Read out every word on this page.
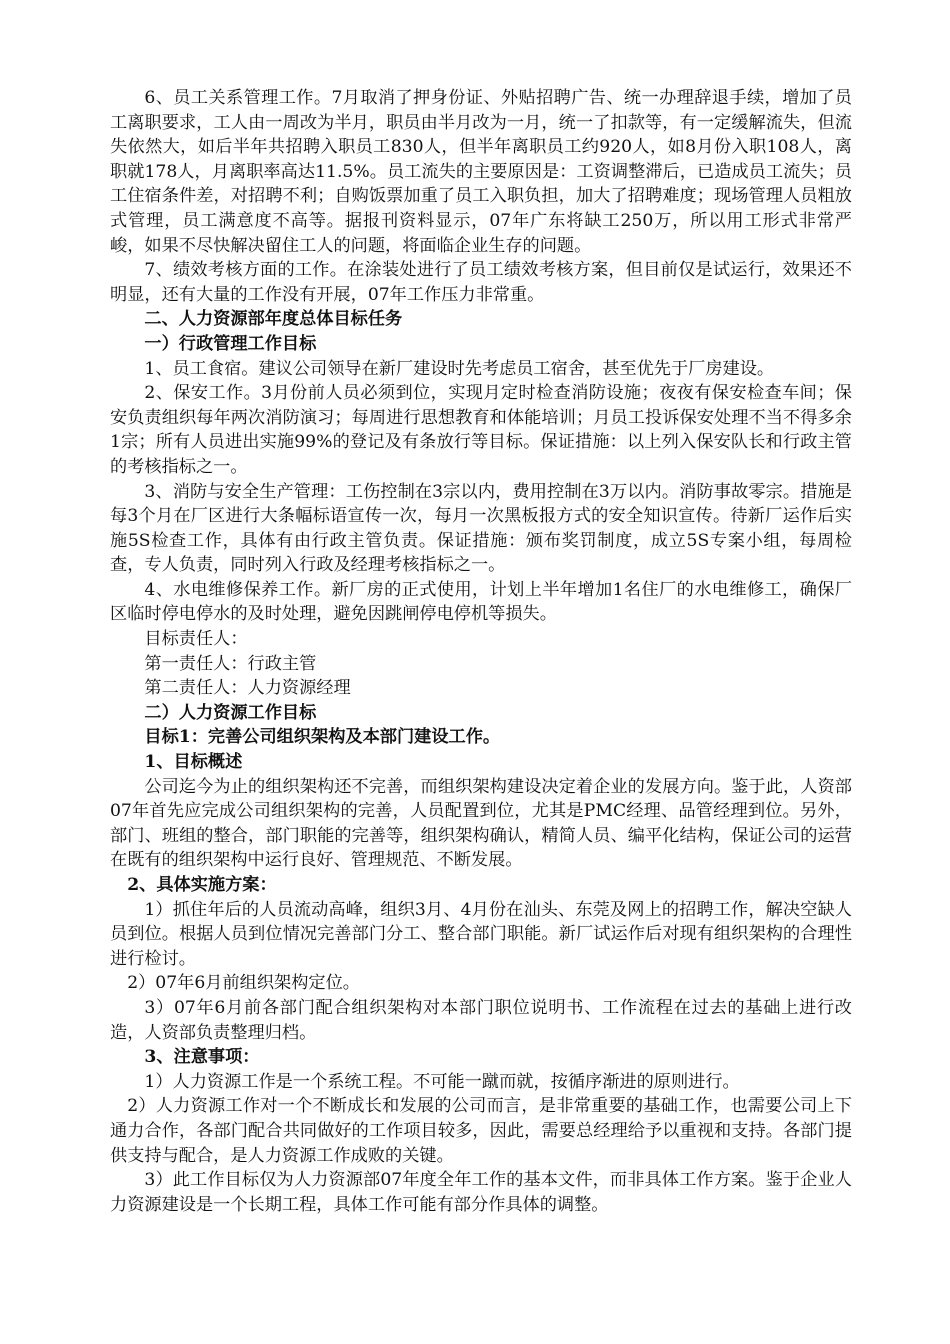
6、员工关系管理工作。7月取消了押身份证、外贴招聘广告、统一办理辞退手续，增加了员工离职要求，工人由一周改为半月，职员由半月改为一月，统一了扣款等，有一定缓解流失，但流失依然大，如后半年共招聘入职员工830人，但半年离职员工约920人，如8月份入职108人，离职就178人，月离职率高达11.5%。员工流失的主要原因是：工资调整滞后，已造成员工流失；员工住宿条件差，对招聘不利；自购饭票加重了员工入职负担，加大了招聘难度；现场管理人员粗放式管理，员工满意度不高等。据报刊资料显示，07年广东将缺工250万，所以用工形式非常严峻，如果不尽快解决留住工人的问题，将面临企业生存的问题。

7、绩效考核方面的工作。在涂装处进行了员工绩效考核方案，但目前仅是试运行，效果还不明显，还有大量的工作没有开展，07年工作压力非常重。

二、人力资源部年度总体目标任务

一）行政管理工作目标

1、员工食宿。建议公司领导在新厂建设时先考虑员工宿舍，甚至优先于厂房建设。

2、保安工作。3月份前人员必须到位，实现月定时检查消防设施；夜夜有保安检查车间；保安负责组织每年两次消防演习；每周进行思想教育和体能培训；月员工投诉保安处理不当不得多余1宗；所有人员进出实施99%的登记及有条放行等目标。保证措施：以上列入保安队长和行政主管的考核指标之一。

3、消防与安全生产管理：工伤控制在3宗以内，费用控制在3万以内。消防事故零宗。措施是每3个月在厂区进行大条幅标语宣传一次，每月一次黑板报方式的安全知识宣传。待新厂运作后实施5S检查工作，具体有由行政主管负责。保证措施：颁布奖罚制度，成立5S专案小组，每周检查，专人负责，同时列入行政及经理考核指标之一。

4、水电维修保养工作。新厂房的正式使用，计划上半年增加1名住厂的水电维修工，确保厂区临时停电停水的及时处理，避免因跳闸停电停机等损失。

目标责任人：

第一责任人：行政主管

第二责任人：人力资源经理

二）人力资源工作目标

目标1：完善公司组织架构及本部门建设工作。

1、目标概述

公司迄今为止的组织架构还不完善，而组织架构建设决定着企业的发展方向。鉴于此，人资部07年首先应完成公司组织架构的完善，人员配置到位，尤其是PMC经理、品管经理到位。另外，部门、班组的整合，部门职能的完善等，组织架构确认，精简人员、编平化结构，保证公司的运营在既有的组织架构中运行良好、管理规范、不断发展。

2、具体实施方案：

1）抓住年后的人员流动高峰，组织3月、4月份在汕头、东莞及网上的招聘工作，解决空缺人员到位。根据人员到位情况完善部门分工、整合部门职能。新厂试运作后对现有组织架构的合理性进行检讨。

2）07年6月前组织架构定位。

3）07年6月前各部门配合组织架构对本部门职位说明书、工作流程在过去的基础上进行改造，人资部负责整理归档。

3、注意事项：

1）人力资源工作是一个系统工程。不可能一蹴而就，按循序渐进的原则进行。

2）人力资源工作对一个不断成长和发展的公司而言，是非常重要的基础工作，也需要公司上下通力合作，各部门配合共同做好的工作项目较多，因此，需要总经理给予以重视和支持。各部门提供支持与配合，是人力资源工作成败的关键。

3）此工作目标仅为人力资源部07年度全年工作的基本文件，而非具体工作方案。鉴于企业人力资源建设是一个长期工程，具体工作可能有部分作具体的调整。
